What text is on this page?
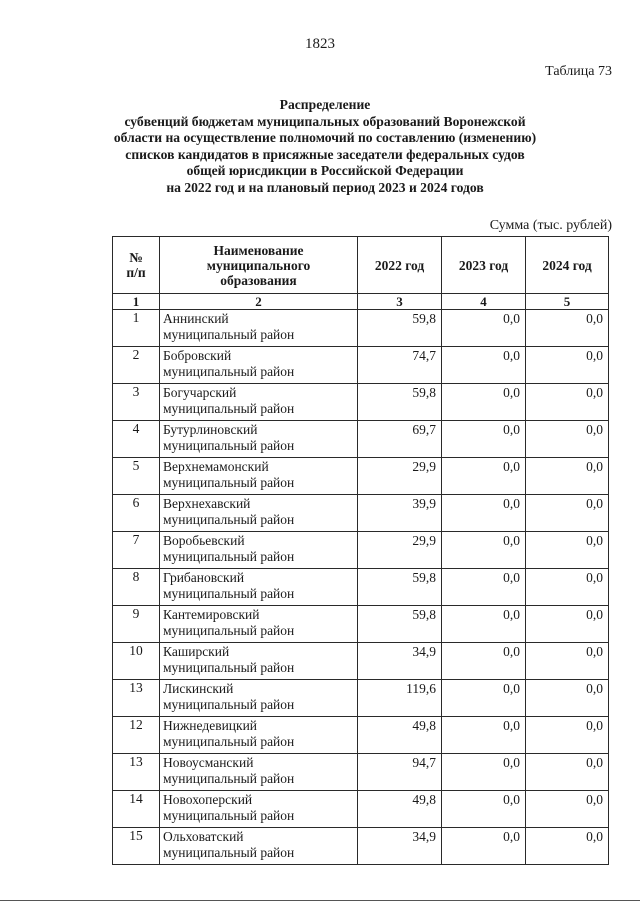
1823
Таблица 73
Распределение
субвенций бюджетам муниципальных образований Воронежской
области на осуществление полномочий по составлению (изменению)
списков кандидатов в присяжные заседатели федеральных судов
общей юрисдикции в Российской Федерации
на 2022 год и на плановый период 2023 и 2024 годов
Сумма (тыс. рублей)
№
п/п	Наименование
муниципального
образования	2022 год	2023 год	2024 год
1	2	3	4	5
1	Аннинский
муниципальный район	59,8	0,0	0,0
2	Бобровский
муниципальный район	74,7	0,0	0,0
3	Богучарский
муниципальный район	59,8	0,0	0,0
4	Бутурлиновский
муниципальный район	69,7	0,0	0,0
5	Верхнемамонский
муниципальный район	29,9	0,0	0,0
6	Верхнехавский
муниципальный район	39,9	0,0	0,0
7	Воробьевский
муниципальный район	29,9	0,0	0,0
8	Грибановский
муниципальный район	59,8	0,0	0,0
9	Кантемировский
муниципальный район	59,8	0,0	0,0
10	Каширский
муниципальный район	34,9	0,0	0,0
13	Лискинский
муниципальный район	119,6	0,0	0,0
12	Нижнедевицкий
муниципальный район	49,8	0,0	0,0
13	Новоусманский
муниципальный район	94,7	0,0	0,0
14	Новохоперский
муниципальный район	49,8	0,0	0,0
15	Ольховатский
муниципальный район	34,9	0,0	0,0
